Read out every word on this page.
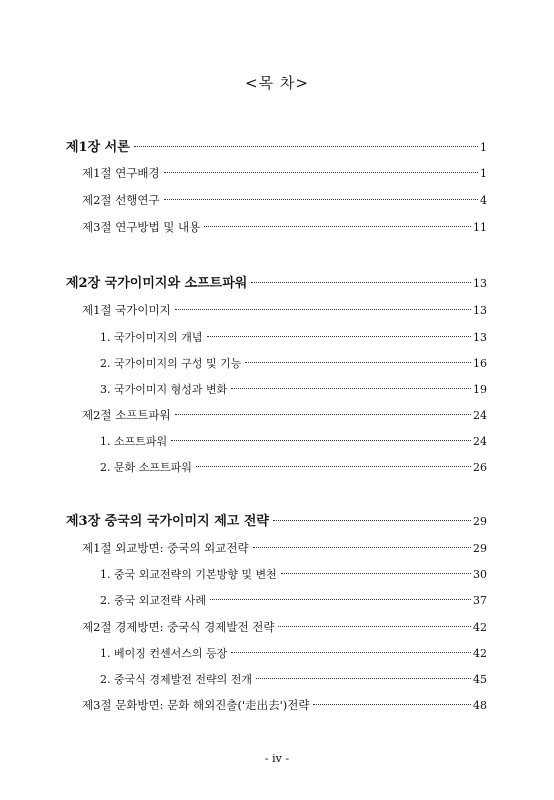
<목 차>
제1장 서론	1
제1절 연구배경	1
제2절 선행연구	4
제3절 연구방법 및 내용	11
제2장 국가이미지와 소프트파워	13
제1절 국가이미지	13
1. 국가이미지의 개념	13
2. 국가이미지의 구성 및 기능	16
3. 국가이미지 형성과 변화	19
제2절 소프트파워	24
1. 소프트파워	24
2. 문화 소프트파워	26
제3장 중국의 국가이미지 제고 전략	29
제1절 외교방면: 중국의 외교전략	29
1. 중국 외교전략의 기본방향 및 변천	30
2. 중국 외교전략 사례	37
제2절 경제방면: 중국식 경제발전 전략	42
1. 베이징 컨센서스의 등장	42
2. 중국식 경제발전 전략의 전개	45
제3절 문화방면: 문화 해외진출('走出去')전략	48
- iv -
